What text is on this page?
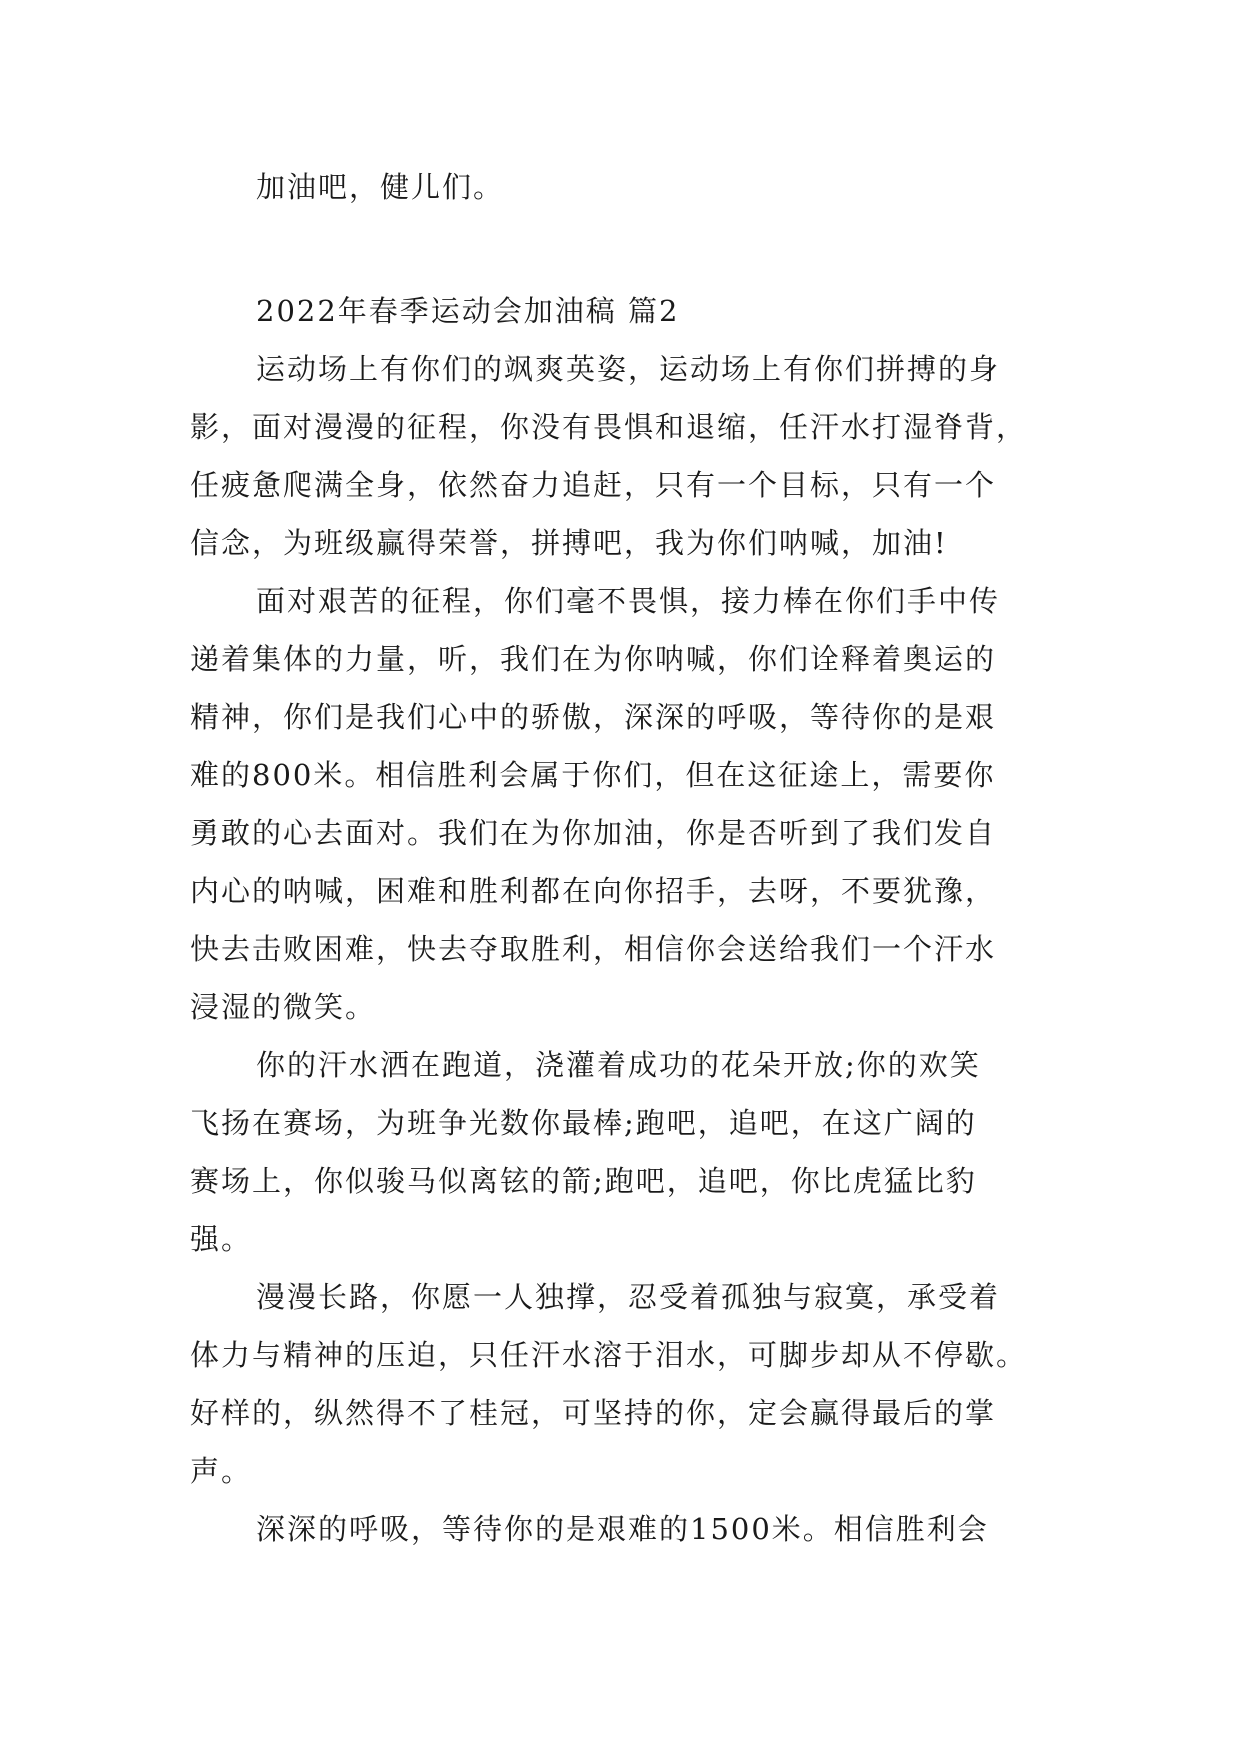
加油吧，健儿们。
2022年春季运动会加油稿 篇2
运动场上有你们的飒爽英姿，运动场上有你们拼搏的身
影，面对漫漫的征程，你没有畏惧和退缩，任汗水打湿脊背，
任疲惫爬满全身，依然奋力追赶，只有一个目标，只有一个
信念，为班级赢得荣誉，拼搏吧，我为你们呐喊，加油!
面对艰苦的征程，你们毫不畏惧，接力棒在你们手中传
递着集体的力量，听，我们在为你呐喊，你们诠释着奥运的
精神，你们是我们心中的骄傲，深深的呼吸，等待你的是艰
难的800米。相信胜利会属于你们，但在这征途上，需要你
勇敢的心去面对。我们在为你加油，你是否听到了我们发自
内心的呐喊，困难和胜利都在向你招手，去呀，不要犹豫，
快去击败困难，快去夺取胜利，相信你会送给我们一个汗水
浸湿的微笑。
你的汗水洒在跑道，浇灌着成功的花朵开放;你的欢笑
飞扬在赛场，为班争光数你最棒;跑吧，追吧，在这广阔的
赛场上，你似骏马似离铉的箭;跑吧，追吧，你比虎猛比豹
强。
漫漫长路，你愿一人独撑，忍受着孤独与寂寞，承受着
体力与精神的压迫，只任汗水溶于泪水，可脚步却从不停歇。
好样的，纵然得不了桂冠，可坚持的你，定会赢得最后的掌
声。
深深的呼吸，等待你的是艰难的1500米。相信胜利会
